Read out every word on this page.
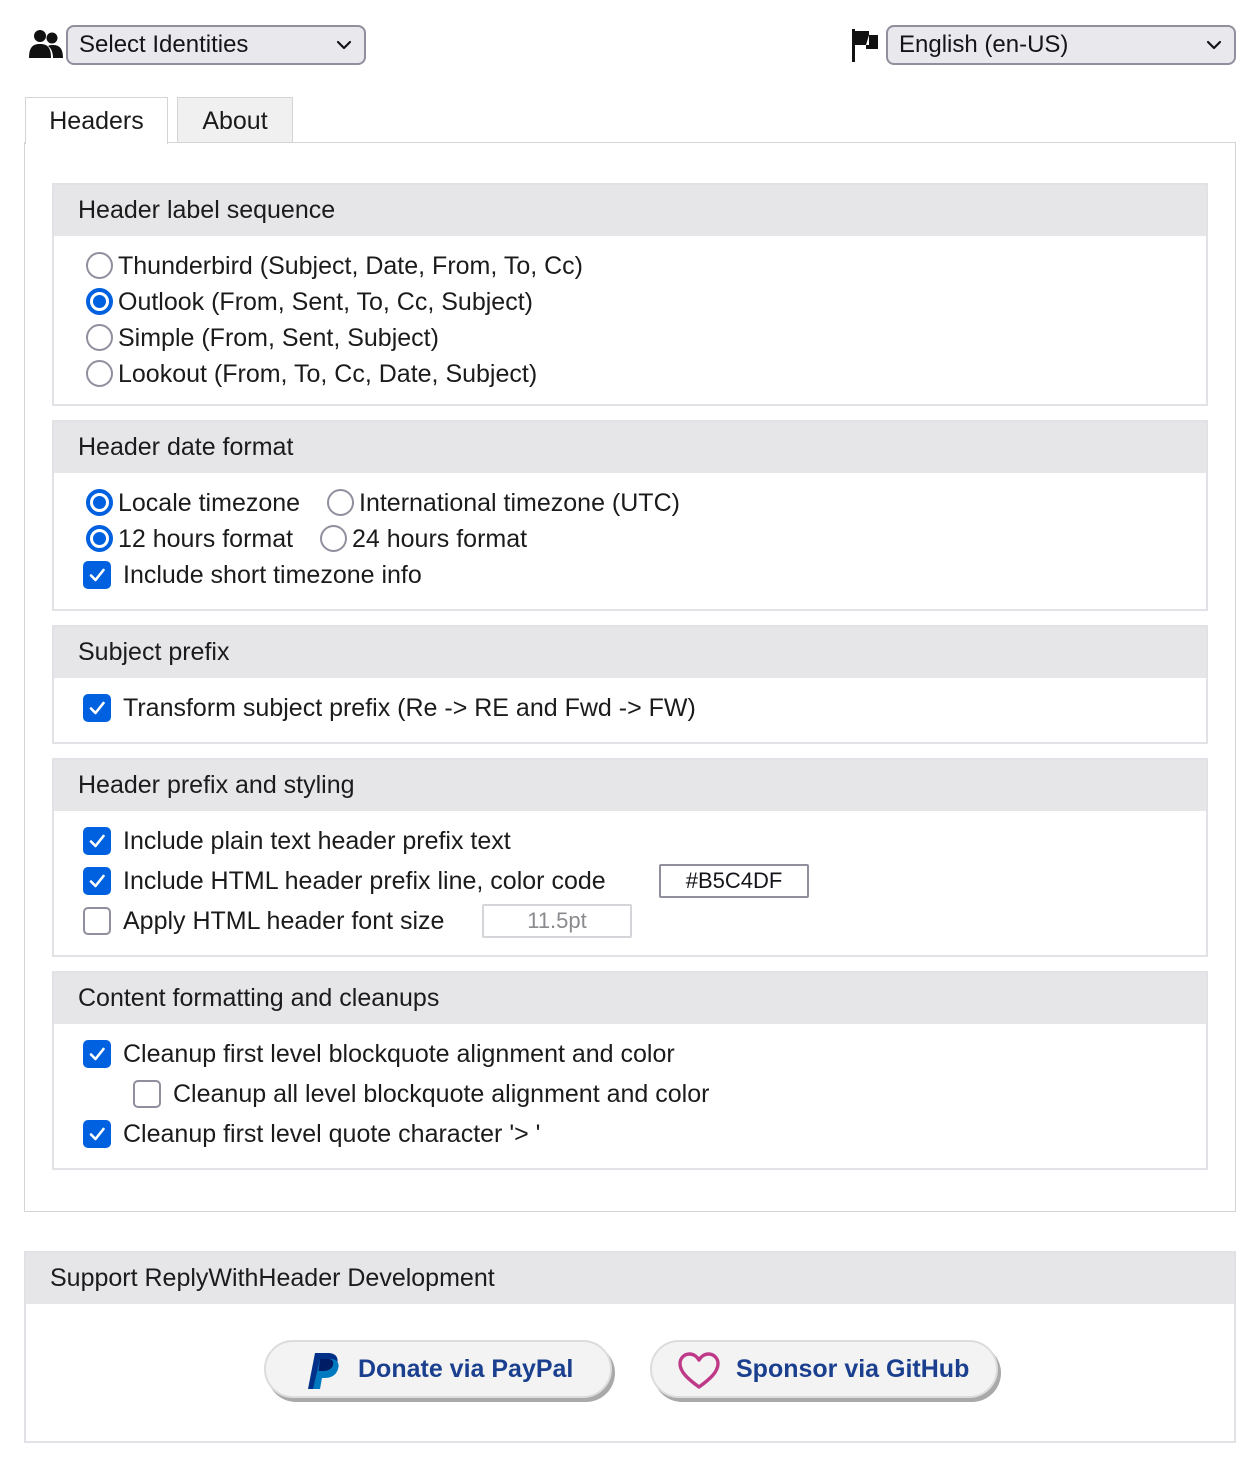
Select Identities	English (en-US)
Headers	About
Header label sequence
Thunderbird (Subject, Date, From, To, Cc)
Outlook (From, Sent, To, Cc, Subject)
Simple (From, Sent, Subject)
Lookout (From, To, Cc, Date, Subject)
Header date format
Locale timezone International timezone (UTC)
12 hours format 24 hours format
Include short timezone info
Subject prefix
Transform subject prefix (Re -> RE and Fwd -> FW)
Header prefix and styling
Include plain text header prefix text
Include HTML header prefix line, color code	#B5C4DF
Apply HTML header font size	11.5pt
Content formatting and cleanups
Cleanup first level blockquote alignment and color
Cleanup all level blockquote alignment and color
Cleanup first level quote character '> '
Support ReplyWithHeader Development
Donate via PayPal	Sponsor via GitHub
